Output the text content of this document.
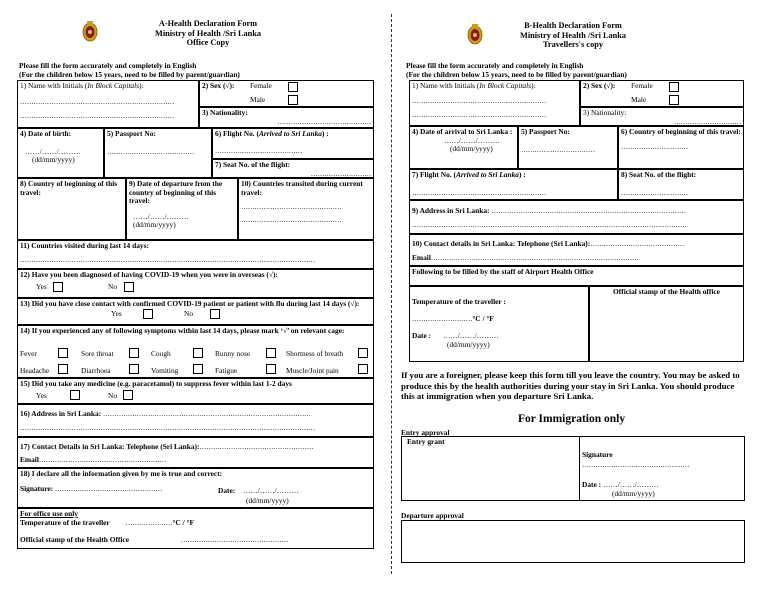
A-Health Declaration Form
Ministry of Health /Sri Lanka
Office Copy
Please fill the form accurately and completely in English
(For the children below 15 years, need to be filled by parent/guardian)
1) Name with Initials (In Block Capitals):
……………………………………………………………
……………………………………………………………
2) Sex (√): Female
Male
3) Nationality:
……………………………………
4) Date of birth:
……/……/………
(dd/mm/yyyy)
5) Passport No:
…………………………………
6) Flight No. (Arrived to Sri Lanka) :
…………………………………
7) Seat No. of the flight:
………………………
8) Country of beginning of this travel:
9) Date of departure from the country of beginning of this travel:
……/……/………
(dd/mm/yyyy)
10) Countries transited during current travel:
………………………………………
………………………………………
11) Countries visited during last 14 days:
……………………………………………………………………………………………………………………
12) Have you been diagnosed of having COVID-19 when you were in overseas (√):
Yes	No
13) Did you have close contact with confirmed COVID-19 patient or patient with flu during last 14 days (√):
Yes	No
14) If you experienced any of following symptoms within last 14 days, please mark ‘√’ on relevant cage:
Fever	Sore throat	Cough	Runny nose	Shortness of breath
Headache	Diarrhoea	Vomiting	Fatigue	Muscle/Joint pain
15) Did you take any medicine (e.g. paracetamol) to suppress fever within last 1-2 days
Yes	No
16) Address in Sri Lanka: …………………………………………………………………………………
……………………………………………………………………………………………………………………
17) Contact Details in Sri Lanka: Telephone (Sri Lanka):……………………………………………
Email…………………………………………………
18) I declare all the information given by me is true and correct:
Signature: …………………………………………	Date: ……/……/………
(dd/mm/yyyy)
For office use only
Temperature of the traveller …………………°C / °F
Official stamp of the Health Office	…………………………………………
B-Health Declaration Form
Ministry of Health /Sri Lanka
Travellers's copy
Please fill the form accurately and completely in English
(For the children below 15 years, need to be filled by parent/guardian)
1) Name with Initials (In Block Capitals):
……………………………………………………
……………………………………………………
2) Sex (√): Female
Male
3) Nationality:
…………………………
4) Date of arrival to Sri Lanka :
……/……/………
(dd/mm/yyyy)
5) Passport No:
……………………………
6) Country of beginning of this travel:
…………………………
7) Flight No. (Arrived to Sri Lanka) :
……………………………………………………
8) Seat No. of the flight:
…………………………
9) Address in Sri Lanka: ……………………………………………………………………………
……………………………………………………………………………………………………………
10) Contact details in Sri Lanka: Telephone (Sri Lanka):……………………………………
Email…………………………………………………………………………………
Following to be filled by the staff of Airport Health Office
Temperature of the traveller :
………………………°C / °F
Date : ……/……/………
(dd/mm/yyyy)
Official stamp of the Health office
If you are a foreigner, please keep this form till you leave the country. You may be asked to produce this by the health authorities during your stay in Sri Lanka. You should produce this at immigration when you departure Sri Lanka.
For Immigration only
Entry approval
Entry grant
Signature
…………………………………………
Date : ……/……/………
(dd/mm/yyyy)
Departure approval
